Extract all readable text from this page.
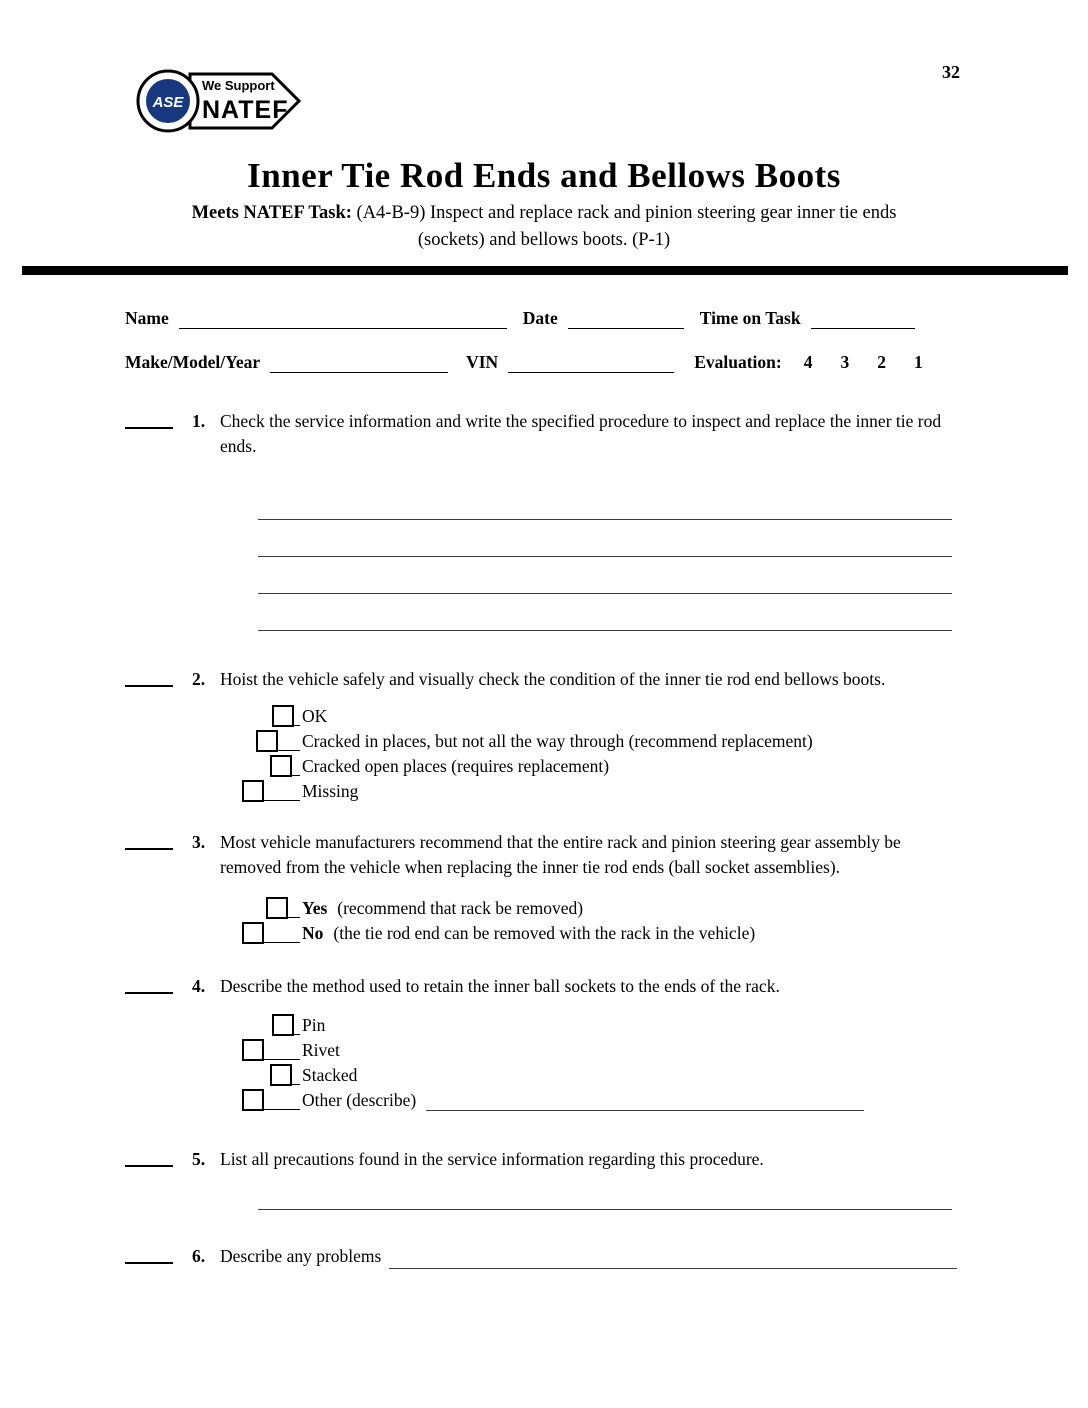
32
ASE
We Support
NATEF
Inner Tie Rod Ends and Bellows Boots
Meets NATEF Task: (A4-B-9) Inspect and replace rack and pinion steering gear inner tie ends
(sockets) and bellows boots. (P-1)
Name	Date	Time on Task
Make/Model/Year	VIN	Evaluation: 4 3 2 1
1. Check the service information and write the specified procedure to inspect and replace the inner tie rod ends.
2. Hoist the vehicle safely and visually check the condition of the inner tie rod end bellows boots.
OK
Cracked in places, but not all the way through (recommend replacement)
Cracked open places (requires replacement)
Missing
3. Most vehicle manufacturers recommend that the entire rack and pinion steering gear assembly be removed from the vehicle when replacing the inner tie rod ends (ball socket assemblies).
Yes (recommend that rack be removed)
No (the tie rod end can be removed with the rack in the vehicle)
4. Describe the method used to retain the inner ball sockets to the ends of the rack.
Pin
Rivet
Stacked
Other (describe)
5. List all precautions found in the service information regarding this procedure.
6. Describe any problems
